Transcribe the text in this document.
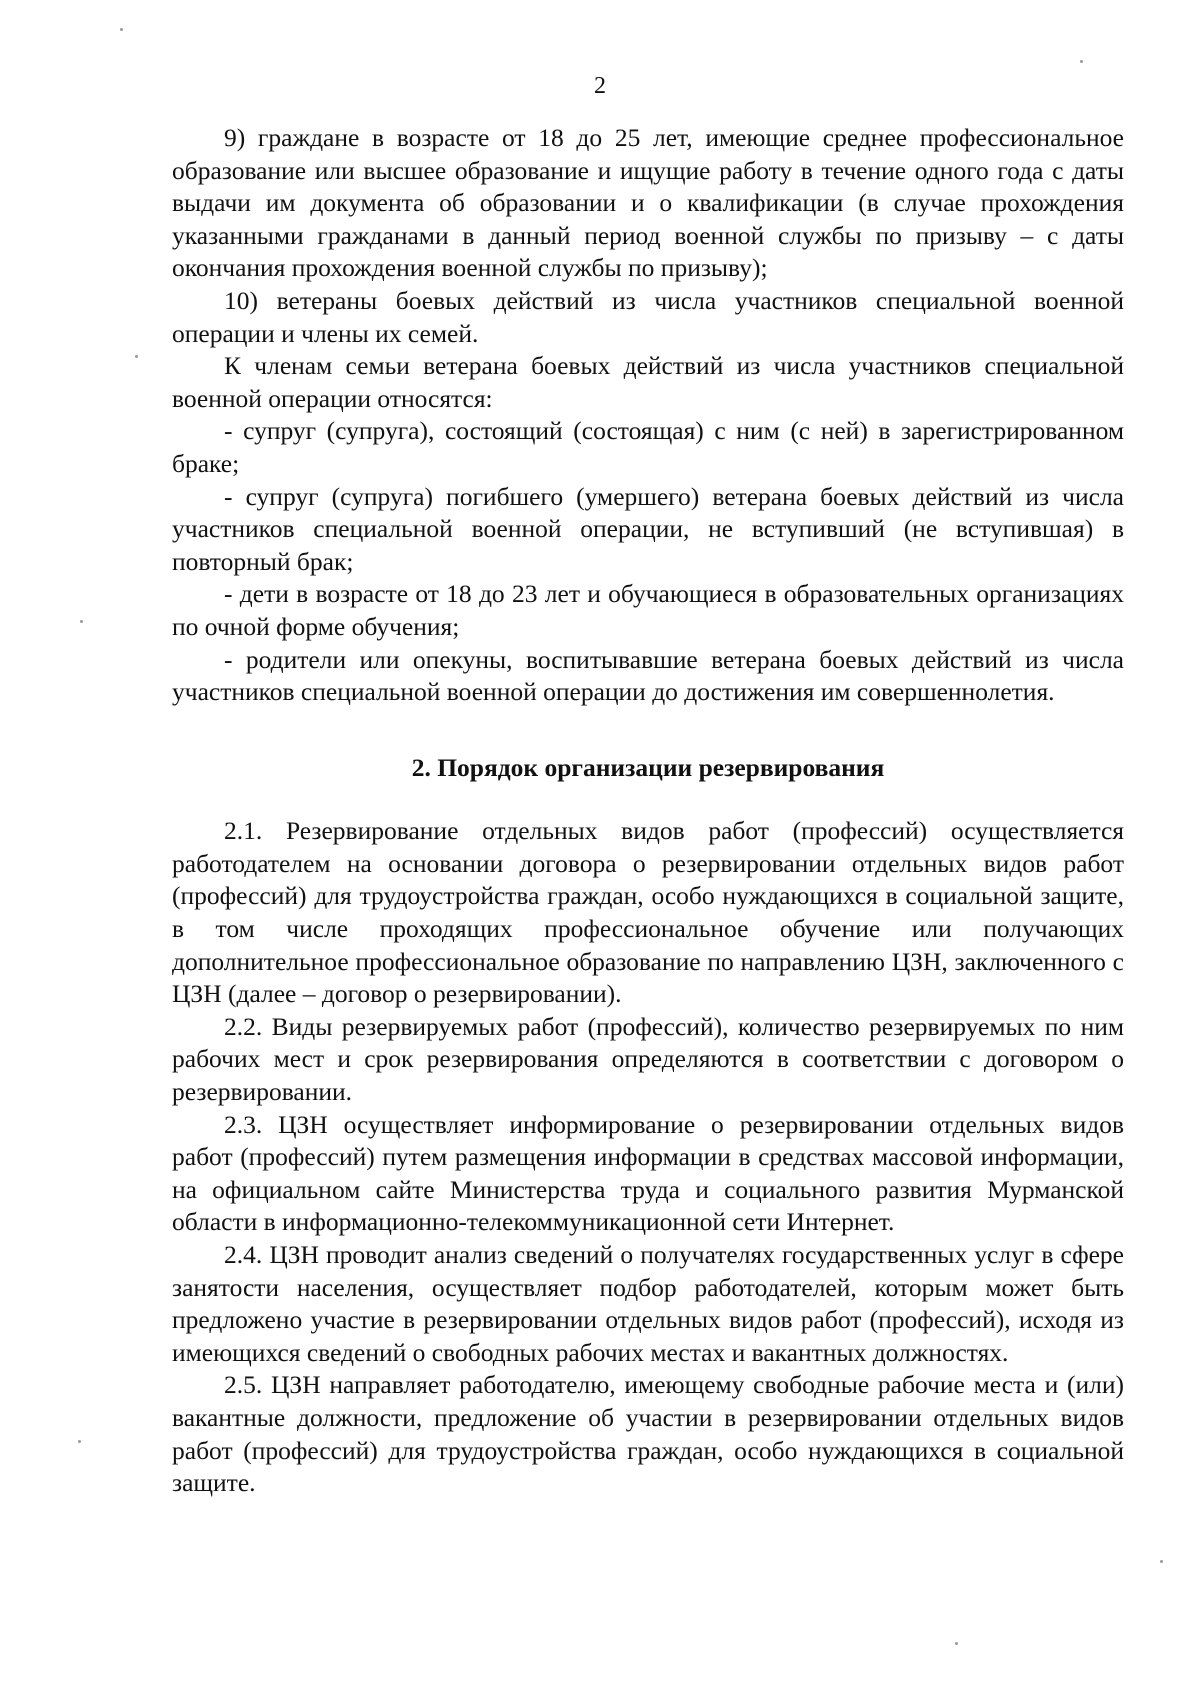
2

9) граждане в возрасте от 18 до 25 лет, имеющие среднее профессиональное образование или высшее образование и ищущие работу в течение одного года с даты выдачи им документа об образовании и о квалификации (в случае прохождения указанными гражданами в данный период военной службы по призыву – с даты окончания прохождения военной службы по призыву);

10) ветераны боевых действий из числа участников специальной военной операции и члены их семей.

К членам семьи ветерана боевых действий из числа участников специальной военной операции относятся:

- супруг (супруга), состоящий (состоящая) с ним (с ней) в зарегистрированном браке;

- супруг (супруга) погибшего (умершего) ветерана боевых действий из числа участников специальной военной операции, не вступивший (не вступившая) в повторный брак;

- дети в возрасте от 18 до 23 лет и обучающиеся в образовательных организациях по очной форме обучения;

- родители или опекуны, воспитывавшие ветерана боевых действий из числа участников специальной военной операции до достижения им совершеннолетия.

2. Порядок организации резервирования

2.1. Резервирование отдельных видов работ (профессий) осуществляется работодателем на основании договора о резервировании отдельных видов работ (профессий) для трудоустройства граждан, особо нуждающихся в социальной защите, в том числе проходящих профессиональное обучение или получающих дополнительное профессиональное образование по направлению ЦЗН, заключенного с ЦЗН (далее – договор о резервировании).

2.2. Виды резервируемых работ (профессий), количество резервируемых по ним рабочих мест и срок резервирования определяются в соответствии с договором о резервировании.

2.3. ЦЗН осуществляет информирование о резервировании отдельных видов работ (профессий) путем размещения информации в средствах массовой информации, на официальном сайте Министерства труда и социального развития Мурманской области в информационно-телекоммуникационной сети Интернет.

2.4. ЦЗН проводит анализ сведений о получателях государственных услуг в сфере занятости населения, осуществляет подбор работодателей, которым может быть предложено участие в резервировании отдельных видов работ (профессий), исходя из имеющихся сведений о свободных рабочих местах и вакантных должностях.

2.5. ЦЗН направляет работодателю, имеющему свободные рабочие места и (или) вакантные должности, предложение об участии в резервировании отдельных видов работ (профессий) для трудоустройства граждан, особо нуждающихся в социальной защите.
